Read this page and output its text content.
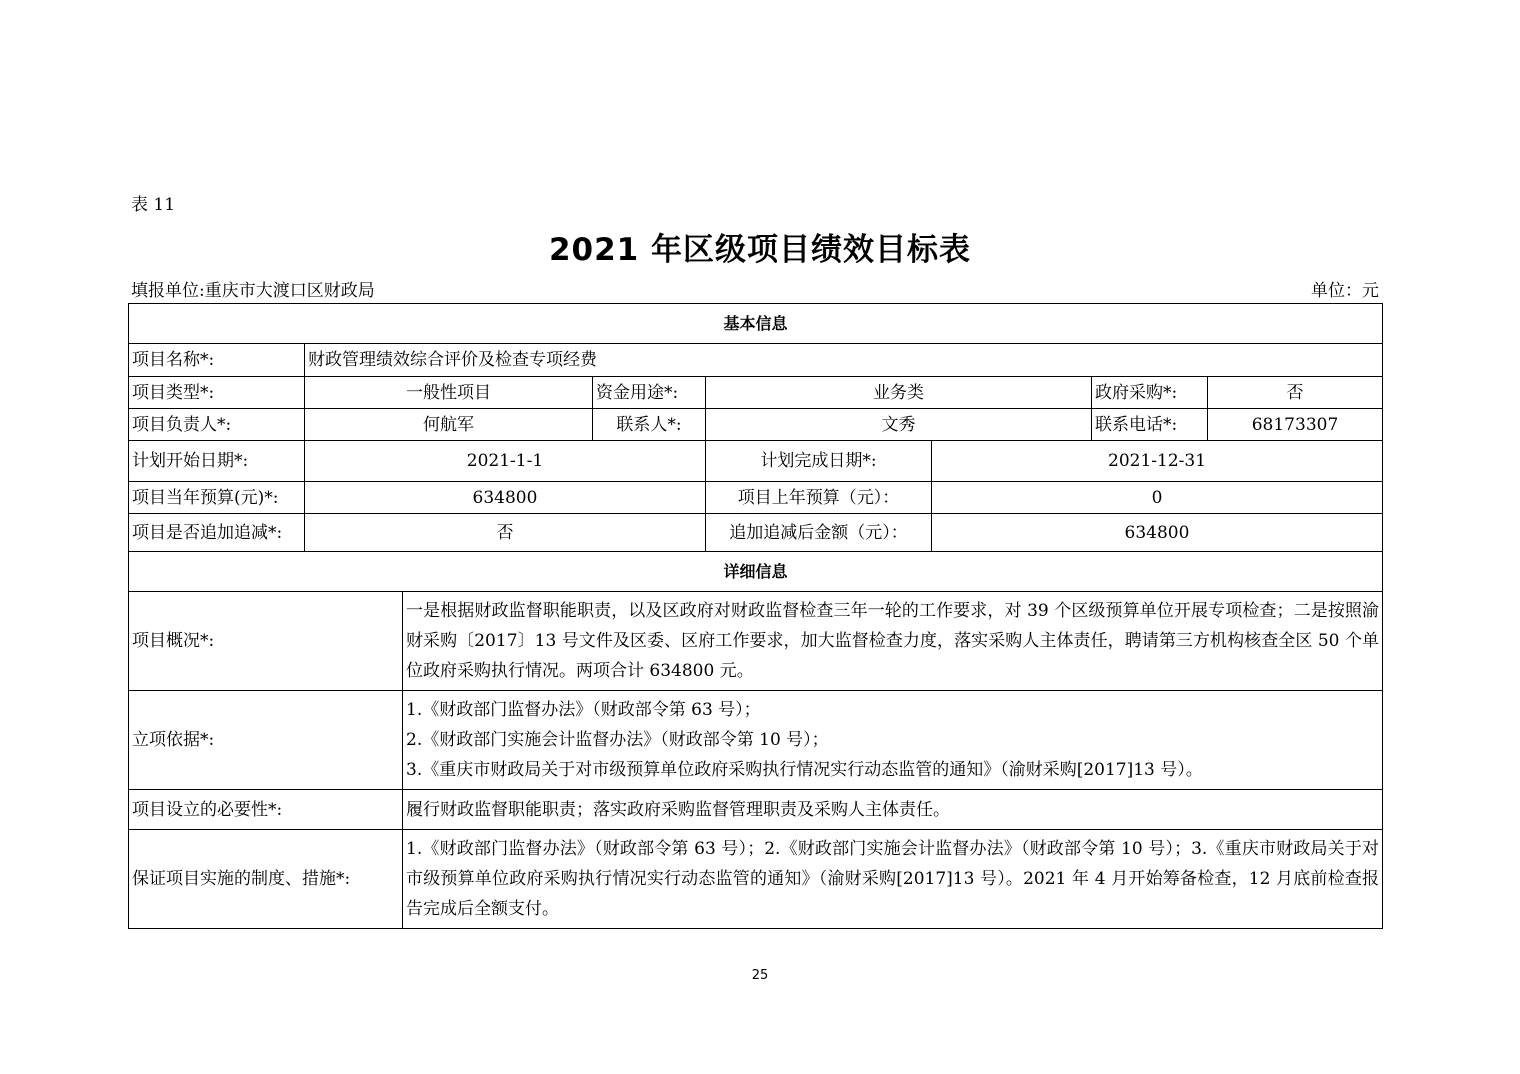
表 11
2021 年区级项目绩效目标表
填报单位:重庆市大渡口区财政局	单位：元
基本信息							
项目名称*:	财政管理绩效综合评价及检查专项经费						
项目类型*:	一般性项目		资金用途*:	业务类		政府采购*:	否
项目负责人*:	何航军		联系人*:	文秀		联系电话*:	68173307
计划开始日期*:	2021-1-1			计划完成日期*:	2021-12-31		
项目当年预算(元)*:	634800			项目上年预算（元）：	0		
项目是否追加追减*:	否			追加追减后金额（元）：	634800		
详细信息							
项目概况*:		一是根据财政监督职能职责，以及区政府对财政监督检查三年一轮的工作要求，对 39 个区级预算单位开展专项检查；二是按照渝财采购〔2017〕13 号文件及区委、区府工作要求，加大监督检查力度，落实采购人主体责任，聘请第三方机构核查全区 50 个单位政府采购执行情况。两项合计 634800 元。					
立项依据*:		1.《财政部门监督办法》（财政部令第 63 号）；
2.《财政部门实施会计监督办法》（财政部令第 10 号）；
3.《重庆市财政局关于对市级预算单位政府采购执行情况实行动态监管的通知》（渝财采购[2017]13 号）。					

项目设立的必要性*:		履行财政监督职能职责；落实政府采购监督管理职责及采购人主体责任。					
保证项目实施的制度、措施*:		1.《财政部门监督办法》（财政部令第 63 号）；2.《财政部门实施会计监督办法》（财政部令第 10 号）；3.《重庆市财政局关于对市级预算单位政府采购执行情况实行动态监管的通知》（渝财采购[2017]13 号）。2021 年 4 月开始筹备检查，12 月底前检查报告完成后全额支付。					
25
